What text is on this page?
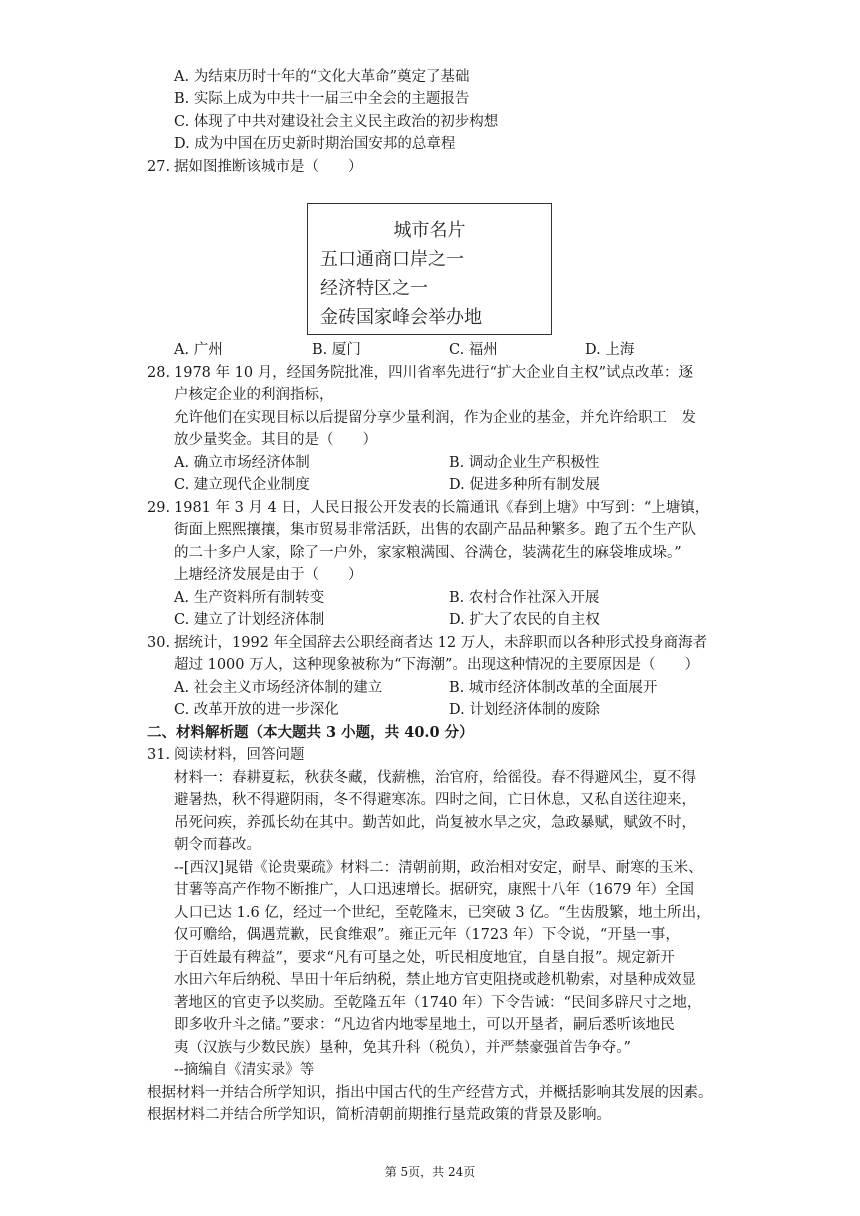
A. 为结束历时十年的“文化大革命”奠定了基础
B. 实际上成为中共十一届三中全会的主题报告
C. 体现了中共对建设社会主义民主政治的初步构想
D. 成为中国在历史新时期治国安邦的总章程
27. 据如图推断该城市是（　　）
城市名片
五口通商口岸之一
经济特区之一
金砖国家峰会举办地
A. 广州	B. 厦门	C. 福州	D. 上海
28. 1978 年 10 月，经国务院批准，四川省率先进行“扩大企业自主权”试点改革：逐
户核定企业的利润指标，
允许他们在实现目标以后提留分享少量利润，作为企业的基金，并允许给职工　发
放少量奖金。其目的是（　　）
A. 确立市场经济体制	B. 调动企业生产积极性
C. 建立现代企业制度	D. 促进多种所有制发展
29. 1981 年 3 月 4 日，人民日报公开发表的长篇通讯《春到上塘》中写到：“上塘镇，
街面上熙熙攘攘，集市贸易非常活跃，出售的农副产品品种繁多。跑了五个生产队
的二十多户人家，除了一户外，家家粮满囤、谷满仓，装满花生的麻袋堆成垛。”
上塘经济发展是由于（　　）
A. 生产资料所有制转变	B. 农村合作社深入开展
C. 建立了计划经济体制	D. 扩大了农民的自主权
30. 据统计，1992 年全国辞去公职经商者达 12 万人，未辞职而以各种形式投身商海者
超过 1000 万人，这种现象被称为“下海潮”。出现这种情况的主要原因是（　　）
A. 社会主义市场经济体制的建立	B. 城市经济体制改革的全面展开
C. 改革开放的进一步深化	D. 计划经济体制的废除
二、材料解析题（本大题共 3 小题，共 40.0 分）
31. 阅读材料，回答问题
材料一：春耕夏耘，秋获冬藏，伐薪樵，治官府，给徭役。春不得避风尘，夏不得
避暑热，秋不得避阴雨，冬不得避寒冻。四时之间，亡日休息，又私自送往迎来，
吊死问疾，养孤长幼在其中。勤苦如此，尚复被水旱之灾，急政暴赋，赋敛不时，
朝令而暮改。
--[西汉]晁错《论贵粟疏》材料二：清朝前期，政治相对安定，耐旱、耐寒的玉米、
甘薯等高产作物不断推广，人口迅速增长。据研究，康熙十八年（1679 年）全国
人口已达 1.6 亿，经过一个世纪，至乾隆末，已突破 3 亿。“生齿殷繁，地土所出，
仅可赡给，偶遇荒歉，民食维艰”。雍正元年（1723 年）下令说，“开垦一事，
于百姓最有稗益”，要求“凡有可垦之处，听民相度地宜，自垦自报”。规定新开
水田六年后纳税、旱田十年后纳税，禁止地方官吏阻挠或趁机勒索，对垦种成效显
著地区的官吏予以奖励。至乾隆五年（1740 年）下令告诫：“民间多辟尺寸之地，
即多收升斗之储。”要求：“凡边省内地零星地土，可以开垦者，嗣后悉听该地民
夷（汉族与少数民族）垦种，免其升科（税负），并严禁豪强首告争夺。”
--摘编自《清实录》等
根据材料一并结合所学知识，指出中国古代的生产经营方式，并概括影响其发展的因素。
根据材料二并结合所学知识，简析清朝前期推行垦荒政策的背景及影响。
第 5页，共 24页
